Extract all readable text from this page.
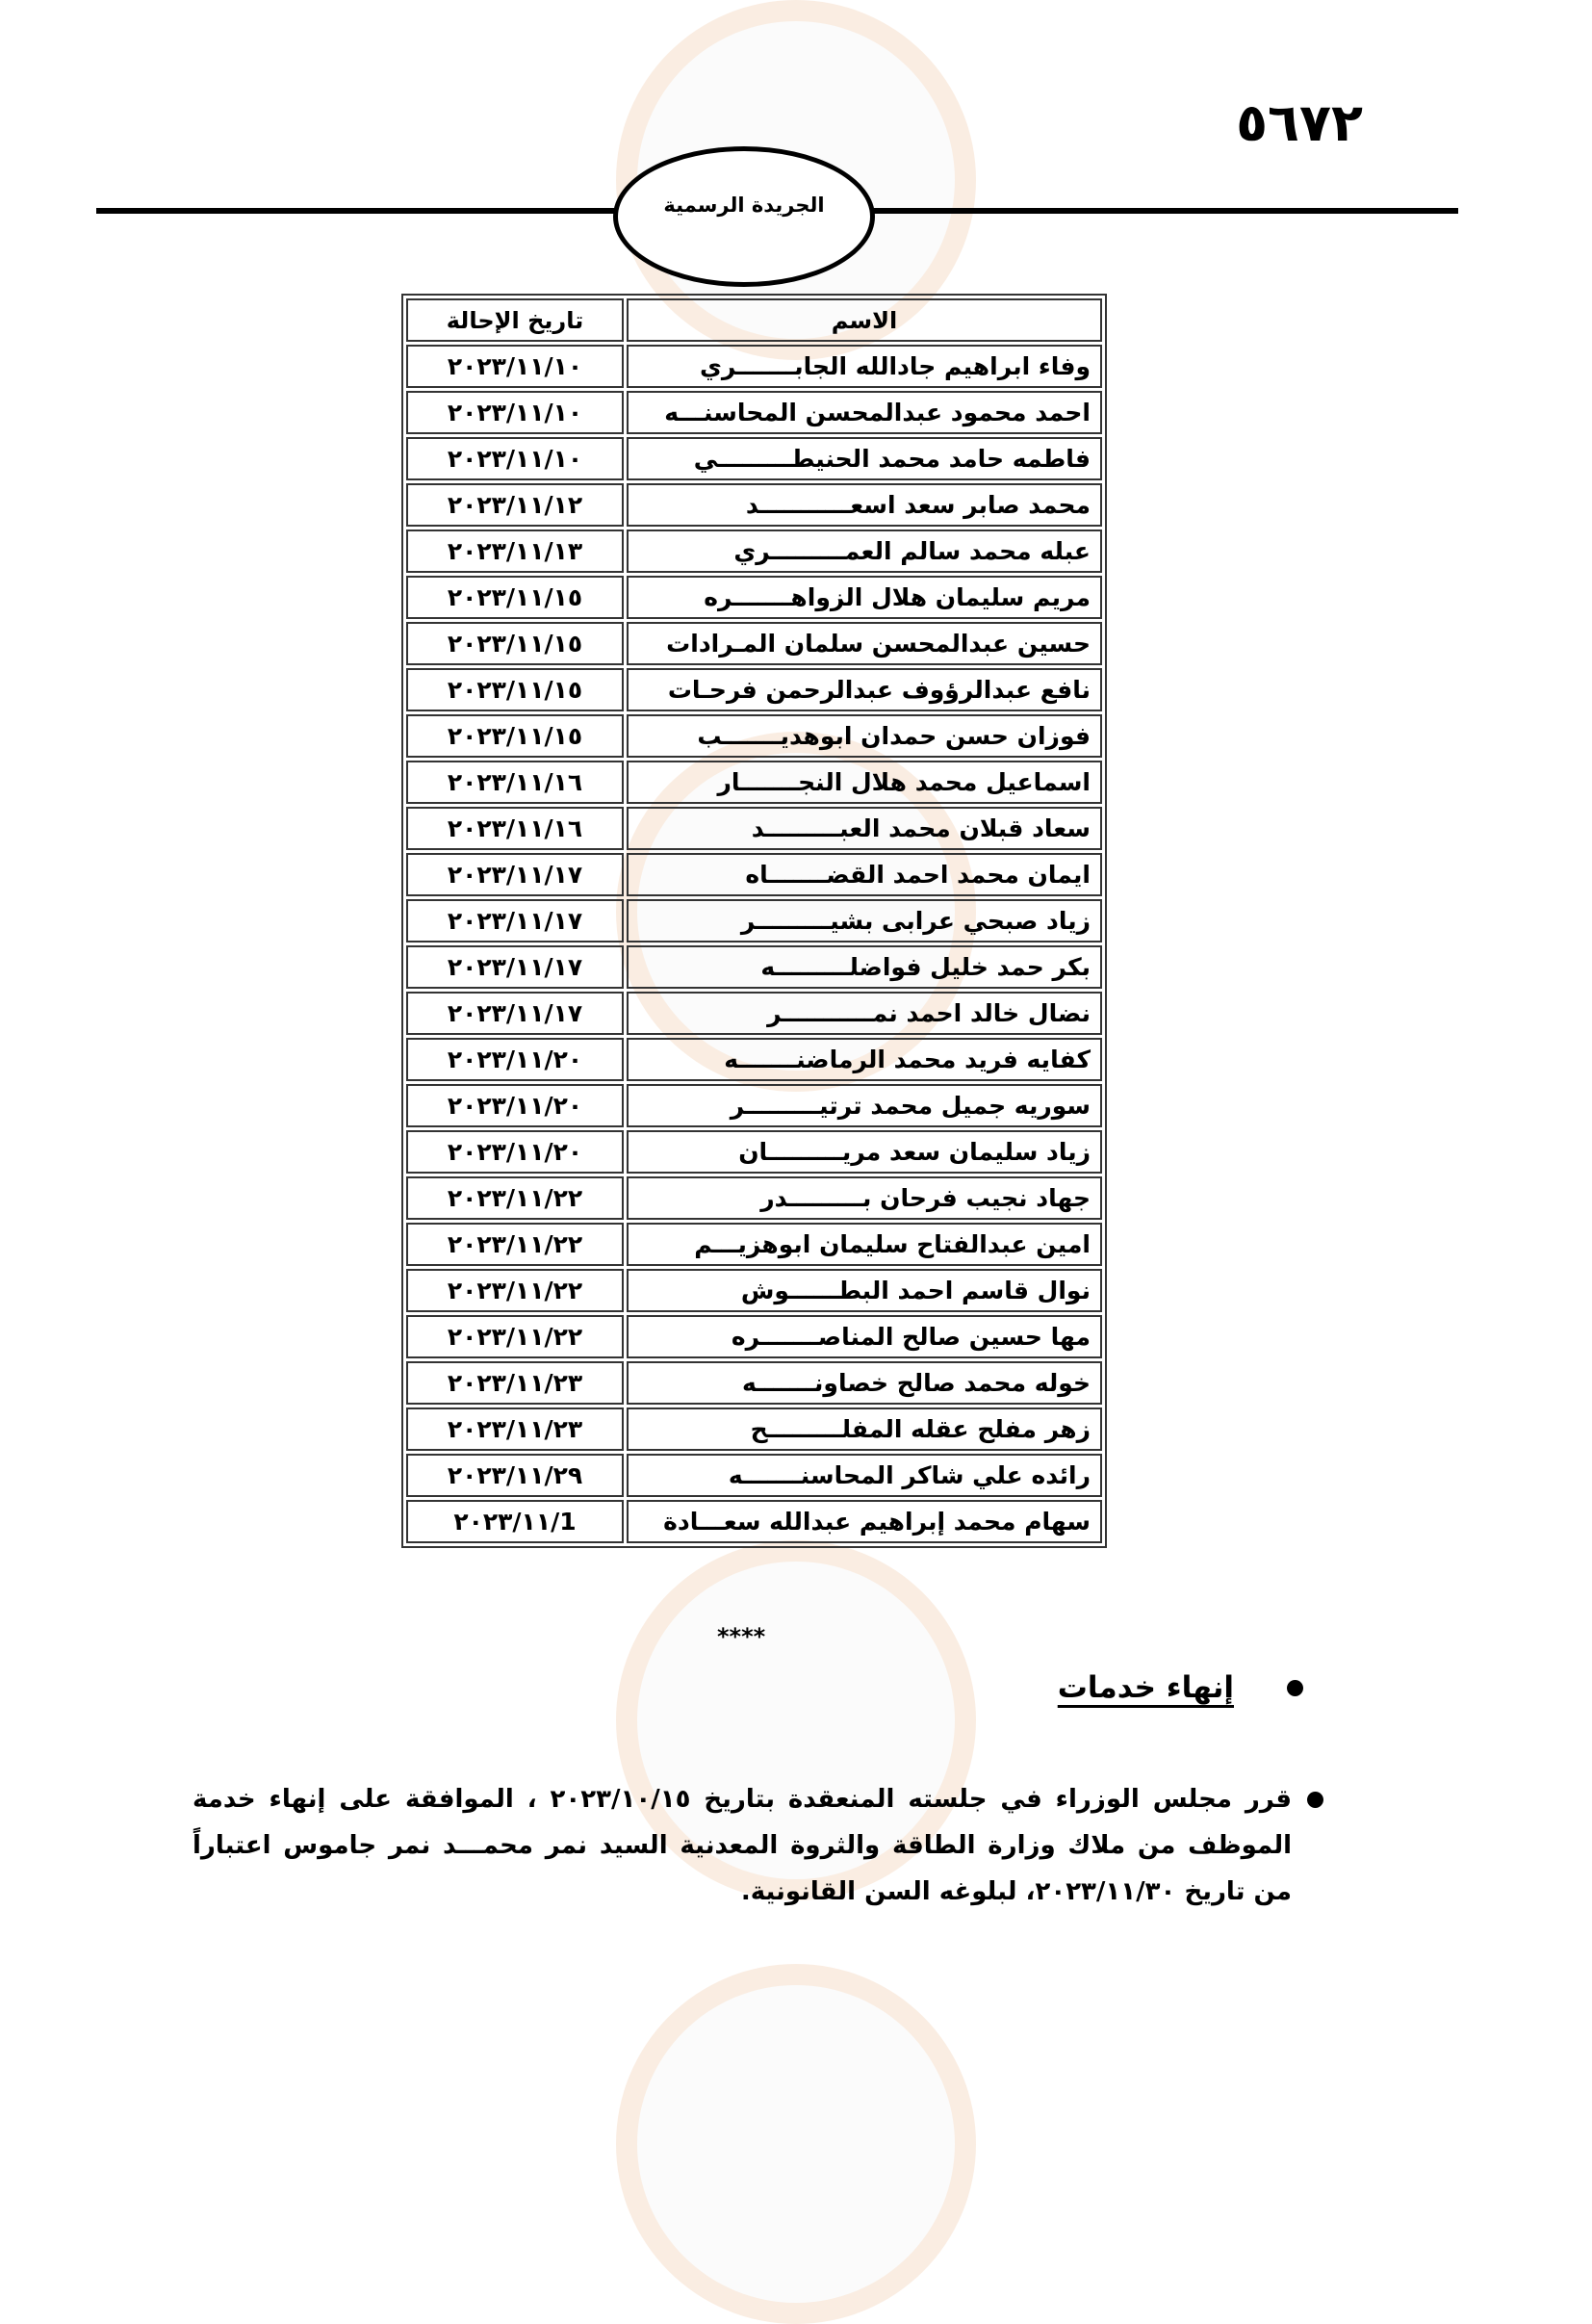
٥٦٧٢
الجريدة الرسمية
الاسم	تاريخ الإحالة
وفاء ابراهيم جادالله الجابـــــــري	٢٠٢٣/١١/١٠
احمد محمود عبدالمحسن المحاسنـــه	٢٠٢٣/١١/١٠
فاطمه حامد محمد الحنيطـــــــــي	٢٠٢٣/١١/١٠
محمد صابر سعد اسعـــــــــــد	٢٠٢٣/١١/١٢
عبله محمد سالم العمـــــــــري	٢٠٢٣/١١/١٣
مريم سليمان هلال الزواهـــــــره	٢٠٢٣/١١/١٥
حسين عبدالمحسن سلمان المـرادات	٢٠٢٣/١١/١٥
نافع عبدالرؤوف عبدالرحمن فرحـات	٢٠٢٣/١١/١٥
فوزان حسن حمدان ابوهديـــــــب	٢٠٢٣/١١/١٥
اسماعيل محمد هلال النجـــــــار	٢٠٢٣/١١/١٦
سعاد قبلان محمد العبـــــــــد	٢٠٢٣/١١/١٦
ايمان محمد احمد القضـــــــاه	٢٠٢٣/١١/١٧
زياد صبحي عرابى بشيـــــــــر	٢٠٢٣/١١/١٧
بكر حمد خليل فواضلـــــــــه	٢٠٢٣/١١/١٧
نضال خالد احمد نمـــــــــــر	٢٠٢٣/١١/١٧
كفايه فريد محمد الرماضنـــــــه	٢٠٢٣/١١/٢٠
سوريه جميل محمد ترتيـــــــــر	٢٠٢٣/١١/٢٠
زياد سليمان سعد مريـــــــــان	٢٠٢٣/١١/٢٠
جهاد نجيب فرحان بـــــــــدر	٢٠٢٣/١١/٢٢
امين عبدالفتاح سليمان ابوهزيـــم	٢٠٢٣/١١/٢٢
نوال قاسم احمد البطــــــوش	٢٠٢٣/١١/٢٢
مها حسين صالح المناصـــــــره	٢٠٢٣/١١/٢٢
خوله محمد صالح خصاونـــــــه	٢٠٢٣/١١/٢٣
زهر مفلح عقله المفلـــــــــح	٢٠٢٣/١١/٢٣
رائده علي شاكر المحاسنـــــــه	٢٠٢٣/١١/٢٩
سهام محمد إبراهيم عبدالله سعـــادة	٢٠٢٣/١١/1
****
إنهاء خدمات

قرر مجلس الوزراء في جلسته المنعقدة بتاريخ ٢٠٢٣/١٠/١٥ ، الموافقة على إنهاء خدمة الموظف من ملاك وزارة الطاقة والثروة المعدنية السيد نمر محمـــد نمر جاموس اعتباراً من تاريخ ٢٠٢٣/١١/٣٠، لبلوغه السن القانونية.
